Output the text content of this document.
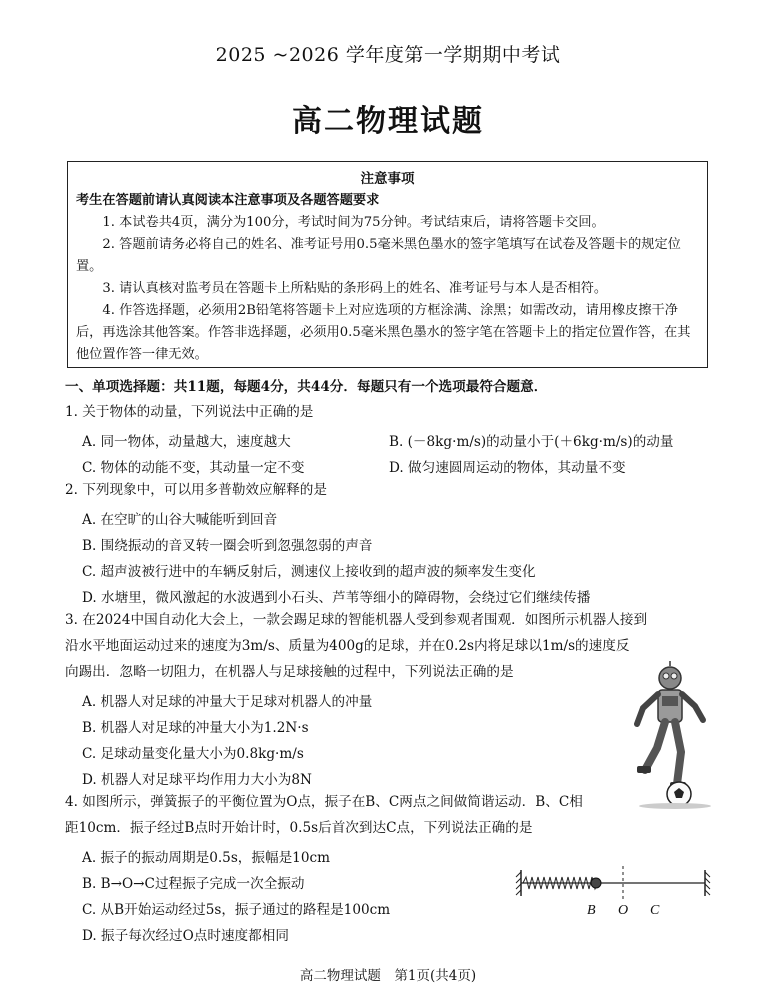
2025 ~2026 学年度第一学期期中考试
高二物理试题
注意事项
考生在答题前请认真阅读本注意事项及各题答题要求
1. 本试卷共4页，满分为100分，考试时间为75分钟。考试结束后，请将答题卡交回。
2. 答题前请务必将自己的姓名、准考证号用0.5毫米黑色墨水的签字笔填写在试卷及答题卡的规定位置。
3. 请认真核对监考员在答题卡上所粘贴的条形码上的姓名、准考证号与本人是否相符。
4. 作答选择题，必须用2B铅笔将答题卡上对应选项的方框涂满、涂黑；如需改动，请用橡皮擦干净后，再选涂其他答案。作答非选择题，必须用0.5毫米黑色墨水的签字笔在答题卡上的指定位置作答，在其他位置作答一律无效。
一、单项选择题：共11题，每题4分，共44分．每题只有一个选项最符合题意．
1. 关于物体的动量，下列说法中正确的是
A. 同一物体，动量越大，速度越大	B. (－8kg·m/s)的动量小于(＋6kg·m/s)的动量
C. 物体的动能不变，其动量一定不变	D. 做匀速圆周运动的物体，其动量不变
2. 下列现象中，可以用多普勒效应解释的是
A. 在空旷的山谷大喊能听到回音
B. 围绕振动的音叉转一圈会听到忽强忽弱的声音
C. 超声波被行进中的车辆反射后，测速仪上接收到的超声波的频率发生变化
D. 水塘里，微风激起的水波遇到小石头、芦苇等细小的障碍物，会绕过它们继续传播
3. 在2024中国自动化大会上，一款会踢足球的智能机器人受到参观者围观．如图所示机器人接到
沿水平地面运动过来的速度为3m/s、质量为400g的足球，并在0.2s内将足球以1m/s的速度反
向踢出．忽略一切阻力，在机器人与足球接触的过程中，下列说法正确的是
A. 机器人对足球的冲量大于足球对机器人的冲量
B. 机器人对足球的冲量大小为1.2N·s
C. 足球动量变化量大小为0.8kg·m/s
D. 机器人对足球平均作用力大小为8N
4. 如图所示，弹簧振子的平衡位置为O点，振子在B、C两点之间做简谐运动．B、C相
距10cm．振子经过B点时开始计时，0.5s后首次到达C点，下列说法正确的是
A. 振子的振动周期是0.5s，振幅是10cm
B. B→O→C过程振子完成一次全振动
C. 从B开始运动经过5s，振子通过的路程是100cm
D. 振子每次经过O点时速度都相同
B O C
高二物理试题　第1页(共4页)
